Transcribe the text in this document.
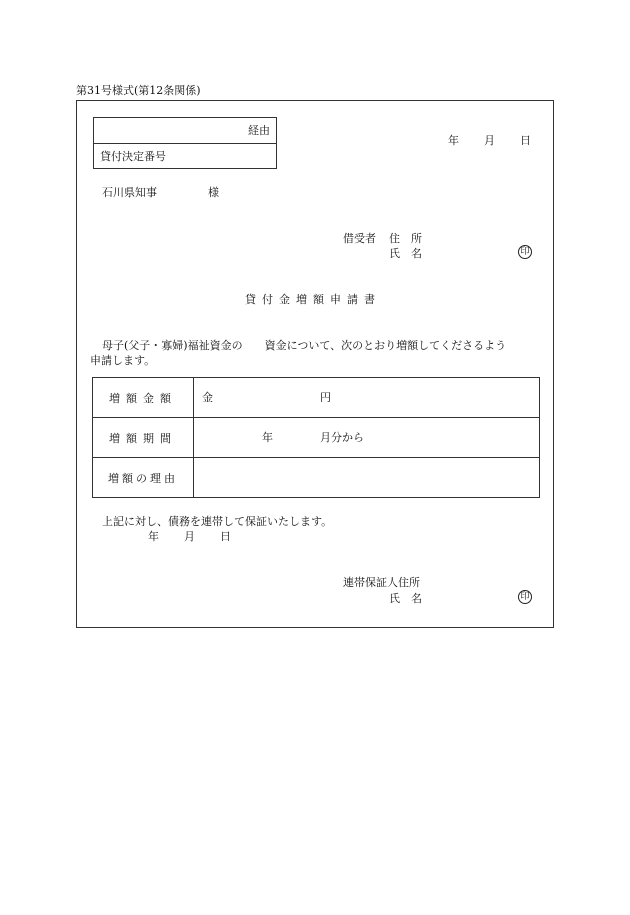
第31号様式(第12条関係)
経由
貸付決定番号
年 月 日
石川県知事	様
借受者 住　所
氏　名	印
貸付金増額申請書
母子(父子・寡婦)福祉資金の　　資金について、次のとおり増額してくださるよう
申請します。
増額金額	金 円

増額期間	年 月分から

増額の理由	
上記に対し、債務を連帯して保証いたします。
年 月 日
連帯保証人住所
氏　名	印
